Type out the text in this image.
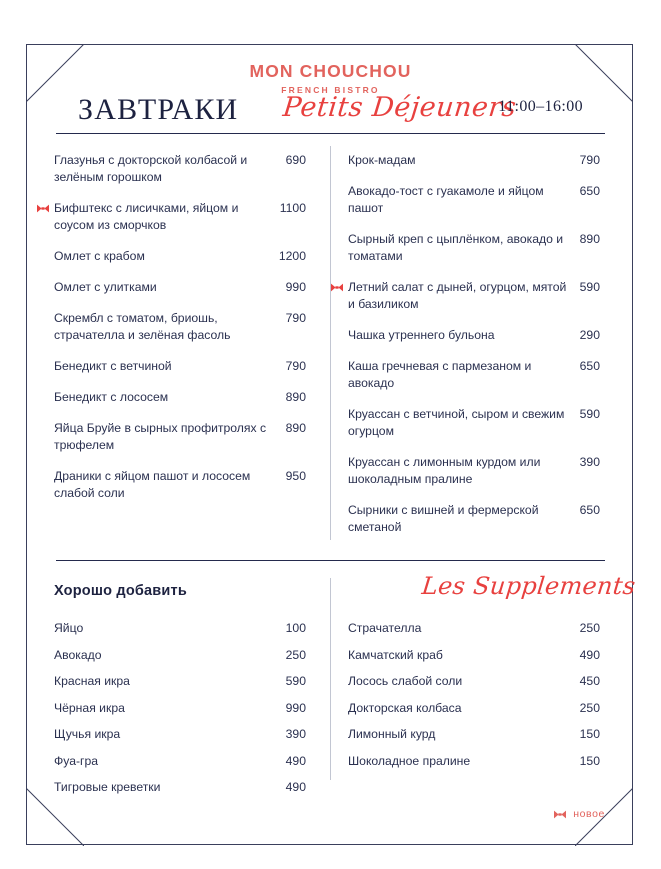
MON CHOUCHOU
FRENCH BISTRO
ЗАВТРАКИ Petits Déjeuners
11:00–16:00
Глазунья с докторской колбасой и зелёным горошком
690
Бифштекс с лисичками, яйцом и соусом из сморчков
1100
Омлет с крабом	1200
Омлет с улитками	990
Скрембл с томатом, бриошь, страчателла и зелёная фасоль
790
Бенедикт с ветчиной	790
Бенедикт с лососем	890
Яйца Бруйе в сырных профитролях с трюфелем
890
Драники с яйцом пашот и лососем слабой соли
950
Крок-мадам	790
Авокадо-тост с гуакамоле и яйцом пашот
650
Сырный креп с цыплёнком, авокадо и томатами
890
Летний салат с дыней, огурцом, мятой и базиликом
590
Чашка утреннего бульона	290
Каша гречневая с пармезаном и авокадо
650
Круассан с ветчиной, сыром и свежим огурцом
590
Круассан с лимонным курдом или шоколадным пралине
390
Сырники с вишней и фермерской сметаной
650
Хорошо добавить	Les Supplements
Яйцо	100
Авокадо	250
Красная икра	590
Чёрная икра	990
Щучья икра	390
Фуа-гра	490
Тигровые креветки	490
Страчателла	250
Камчатский краб	490
Лосось слабой соли	450
Докторская колбаса	250
Лимонный курд	150
Шоколадное пралине	150
новое
